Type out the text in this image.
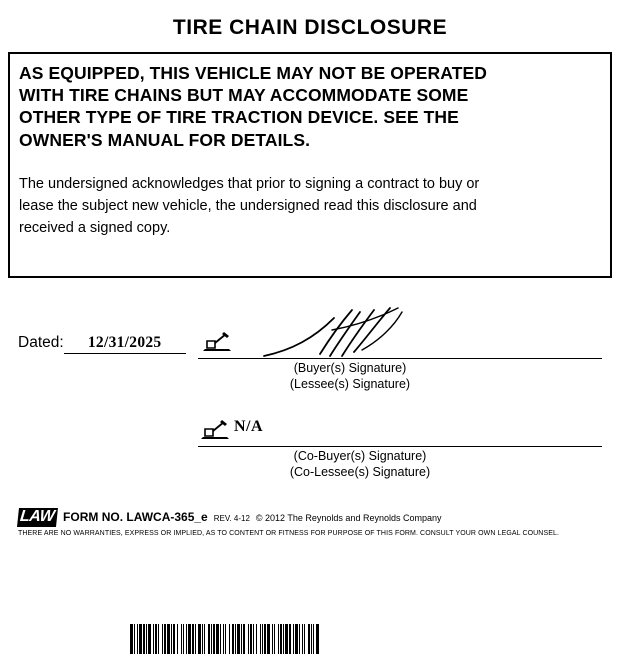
TIRE CHAIN DISCLOSURE
AS EQUIPPED, THIS VEHICLE MAY NOT BE OPERATED
WITH TIRE CHAINS BUT MAY ACCOMMODATE SOME
OTHER TYPE OF TIRE TRACTION DEVICE. SEE THE
OWNER'S MANUAL FOR DETAILS.
The undersigned acknowledges that prior to signing a contract to buy or
lease the subject new vehicle, the undersigned read this disclosure and
received a signed copy.
Dated:	12/31/2025
(Buyer(s) Signature)
(Lessee(s) Signature)
N/A
(Co-Buyer(s) Signature)
(Co-Lessee(s) Signature)
LAW FORM NO. LAWCA-365_e REV. 4-12 © 2012 The Reynolds and Reynolds Company
THERE ARE NO WARRANTIES, EXPRESS OR IMPLIED, AS TO CONTENT OR FITNESS FOR PURPOSE OF THIS FORM. CONSULT YOUR OWN LEGAL COUNSEL.
